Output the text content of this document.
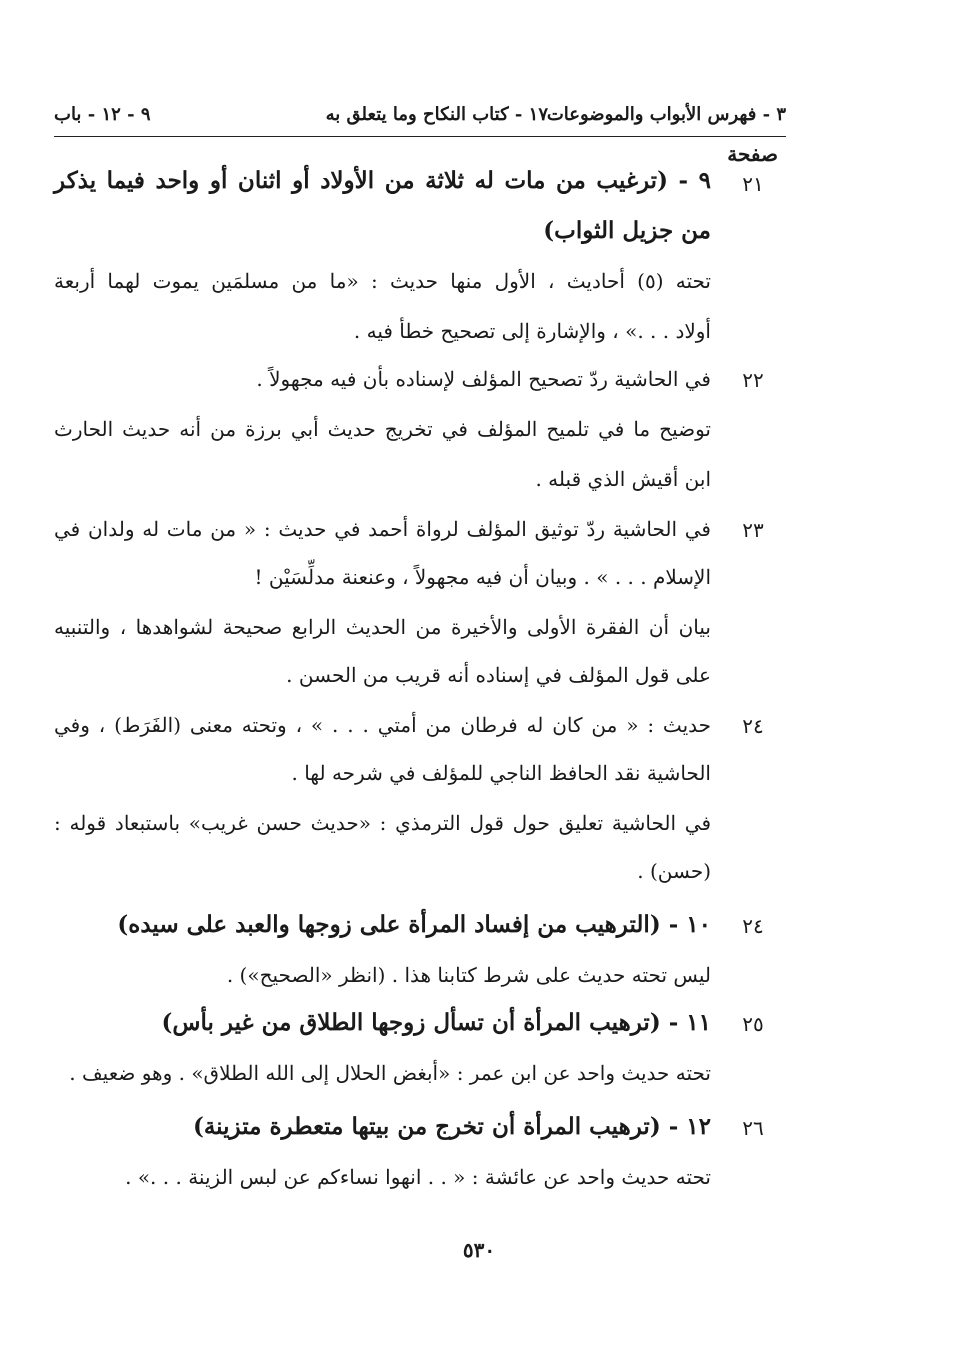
٣ - فهرس الأبواب والموضوعات
١٧ - كتاب النكاح وما يتعلق به
٩ - ١٢ - باب
صفحة
٢١
٩ - (ترغيب من مات له ثلاثة من الأولاد أو اثنان أو واحد فيما يذكر
من جزيل الثواب)
تحته (٥) أحاديث ، الأول منها حديث : «ما من مسلمَين يموت لهما أربعة
أولاد . . .» ، والإشارة إلى تصحيح خطأ فيه .
٢٢
في الحاشية ردّ تصحيح المؤلف لإسناده بأن فيه مجهولاً .
توضيح ما في تلميح المؤلف في تخريج حديث أبي برزة من أنه حديث الحارث
ابن أقيش الذي قبله .
٢٣
في الحاشية ردّ توثيق المؤلف لرواة أحمد في حديث : « من مات له ولدان في
الإسلام . . . » . وبيان أن فيه مجهولاً ، وعنعنة مدلِّسَيْن !
بيان أن الفقرة الأولى والأخيرة من الحديث الرابع صحيحة لشواهدها ، والتنبيه
على قول المؤلف في إسناده أنه قريب من الحسن .
٢٤
حديث : « من كان له فرطان من أمتي . . . » ، وتحته معنى (الفَرَط) ، وفي
الحاشية نقد الحافظ الناجي للمؤلف في شرحه لها .
في الحاشية تعليق حول قول الترمذي : «حديث حسن غريب» باستبعاد قوله :
(حسن) .
٢٤
١٠ - (الترهيب من إفساد المرأة على زوجها والعبد على سيده)
ليس تحته حديث على شرط كتابنا هذا . (انظر «الصحيح») .
٢٥
١١ - (ترهيب المرأة أن تسأل زوجها الطلاق من غير بأس)
تحته حديث واحد عن ابن عمر : «أبغض الحلال إلى الله الطلاق» . وهو ضعيف .
٢٦
١٢ - (ترهيب المرأة أن تخرج من بيتها متعطرة متزينة)
تحته حديث واحد عن عائشة : « . . انهوا نساءكم عن لبس الزينة . . .» .
٥٣٠
